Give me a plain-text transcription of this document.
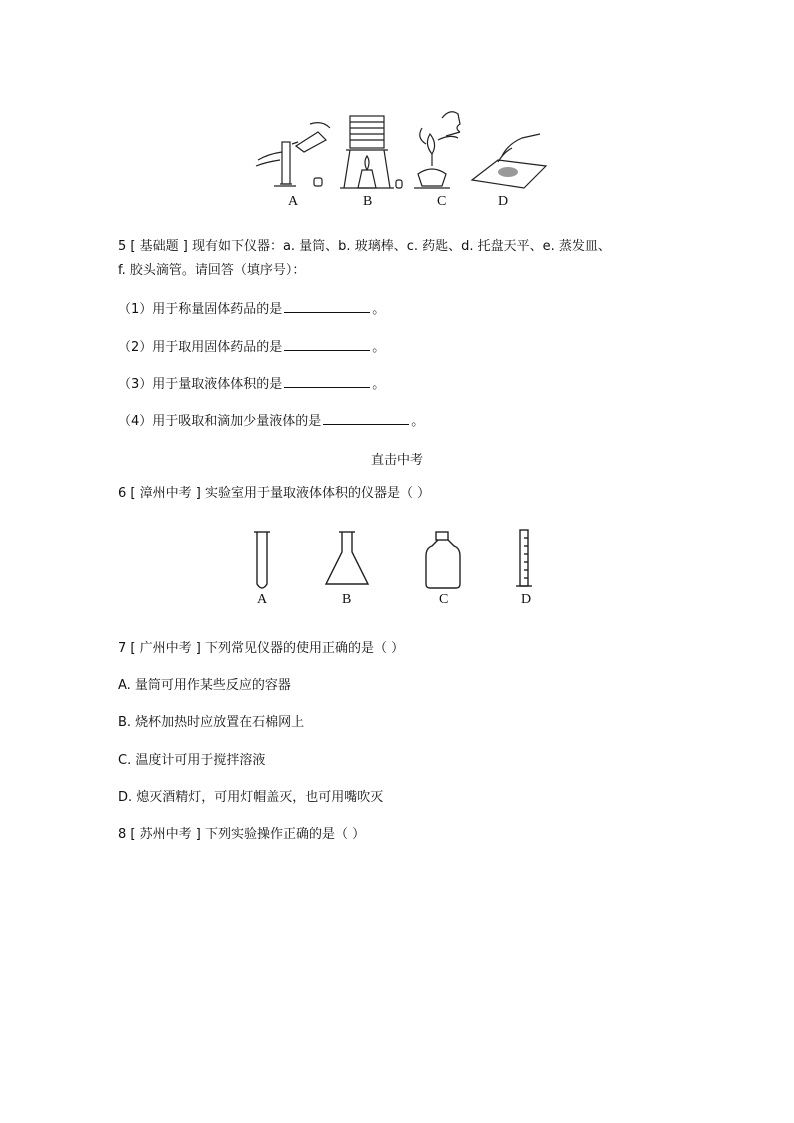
A	B	C	D
5 [ 基础题 ] 现有如下仪器：a. 量筒、b. 玻璃棒、c. 药匙、d. 托盘天平、e. 蒸发皿、
f. 胶头滴管。请回答（填序号）：
（1）用于称量固体药品的是	。
（2）用于取用固体药品的是	。
（3）用于量取液体体积的是	。
（4）用于吸取和滴加少量液体的是	。
直击中考
6 [ 漳州中考 ] 实验室用于量取液体体积的仪器是（ ）
A	B	C	D
7 [ 广州中考 ] 下列常见仪器的使用正确的是（ ）
A. 量筒可用作某些反应的容器
B. 烧杯加热时应放置在石棉网上
C. 温度计可用于搅拌溶液
D. 熄灭酒精灯，可用灯帽盖灭，也可用嘴吹灭
8 [ 苏州中考 ] 下列实验操作正确的是（ ）
